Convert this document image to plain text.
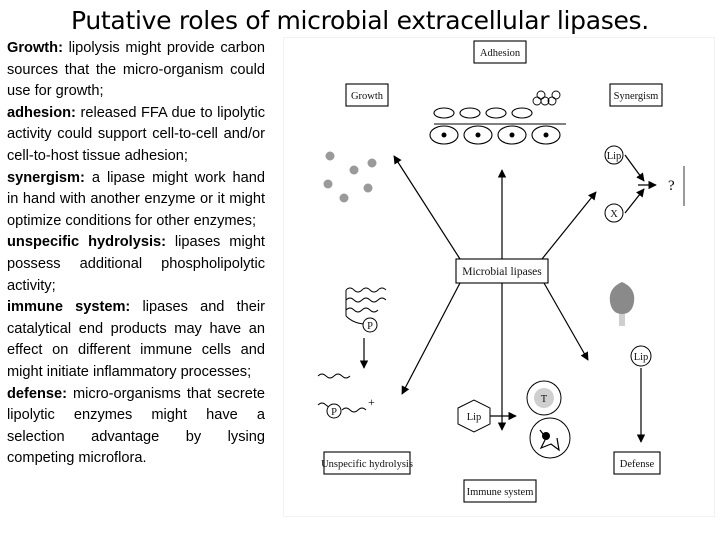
Putative roles of microbial extracellular lipases.

Growth: lipolysis might provide carbon sources that the micro-organism could use for growth;

adhesion: released FFA due to lipolytic activity could support cell-to-cell and/or cell-to-host tissue adhesion;

synergism: a lipase might work hand in hand with another enzyme or it might optimize conditions for other enzymes;

unspecific hydrolysis: lipases might possess additional phospholipolytic activity;

immune system: lipases and their catalytical end products may have an effect on different immune cells and might initiate inflammatory processes;

defense: micro-organisms that secrete lipolytic enzymes might have a selection advantage by lysing competing microflora.

Adhesion
Growth	Synergism
Lip
X
?
Microbial lipases
P
P
+
Lip
Lip
T
Unspecific hydrolysis	Defense
Immune system
